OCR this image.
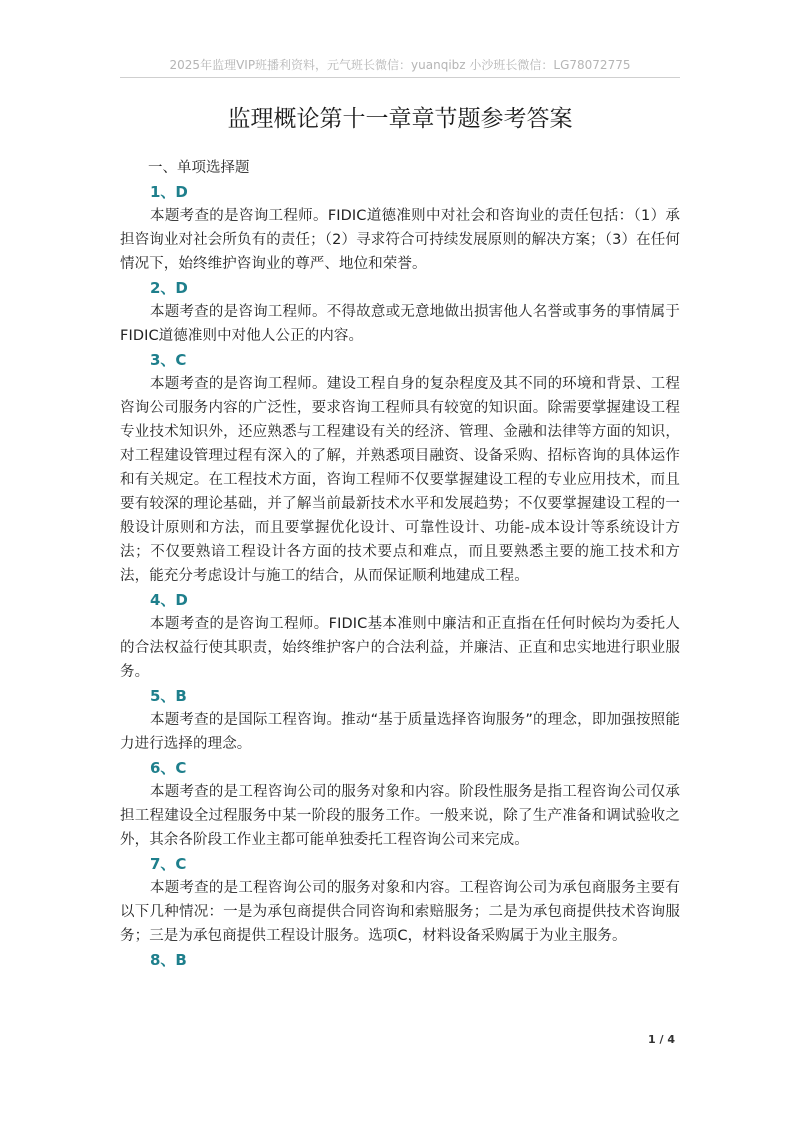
2025年监理VIP班播利资料，元气班长微信：yuanqibz 小沙班长微信：LG78072775
监理概论第十一章章节题参考答案

一、单项选择题

1、D

本题考查的是咨询工程师。FIDIC道德准则中对社会和咨询业的责任包括：（1）承担咨询业对社会所负有的责任；（2）寻求符合可持续发展原则的解决方案；（3）在任何情况下，始终维护咨询业的尊严、地位和荣誉。

2、D

本题考查的是咨询工程师。不得故意或无意地做出损害他人名誉或事务的事情属于FIDIC道德准则中对他人公正的内容。

3、C

本题考查的是咨询工程师。建设工程自身的复杂程度及其不同的环境和背景、工程咨询公司服务内容的广泛性，要求咨询工程师具有较宽的知识面。除需要掌握建设工程专业技术知识外，还应熟悉与工程建设有关的经济、管理、金融和法律等方面的知识，对工程建设管理过程有深入的了解，并熟悉项目融资、设备采购、招标咨询的具体运作和有关规定。在工程技术方面，咨询工程师不仅要掌握建设工程的专业应用技术，而且要有较深的理论基础，并了解当前最新技术水平和发展趋势；不仅要掌握建设工程的一般设计原则和方法，而且要掌握优化设计、可靠性设计、功能-成本设计等系统设计方法；不仅要熟谙工程设计各方面的技术要点和难点，而且要熟悉主要的施工技术和方法，能充分考虑设计与施工的结合，从而保证顺利地建成工程。

4、D

本题考查的是咨询工程师。FIDIC基本准则中廉洁和正直指在任何时候均为委托人的合法权益行使其职责，始终维护客户的合法利益，并廉洁、正直和忠实地进行职业服务。

5、B

本题考查的是国际工程咨询。推动“基于质量选择咨询服务”的理念，即加强按照能力进行选择的理念。

6、C

本题考查的是工程咨询公司的服务对象和内容。阶段性服务是指工程咨询公司仅承担工程建设全过程服务中某一阶段的服务工作。一般来说，除了生产准备和调试验收之外，其余各阶段工作业主都可能单独委托工程咨询公司来完成。

7、C

本题考查的是工程咨询公司的服务对象和内容。工程咨询公司为承包商服务主要有以下几种情况：一是为承包商提供合同咨询和索赔服务；二是为承包商提供技术咨询服务；三是为承包商提供工程设计服务。选项C，材料设备采购属于为业主服务。

8、B

1 / 4
